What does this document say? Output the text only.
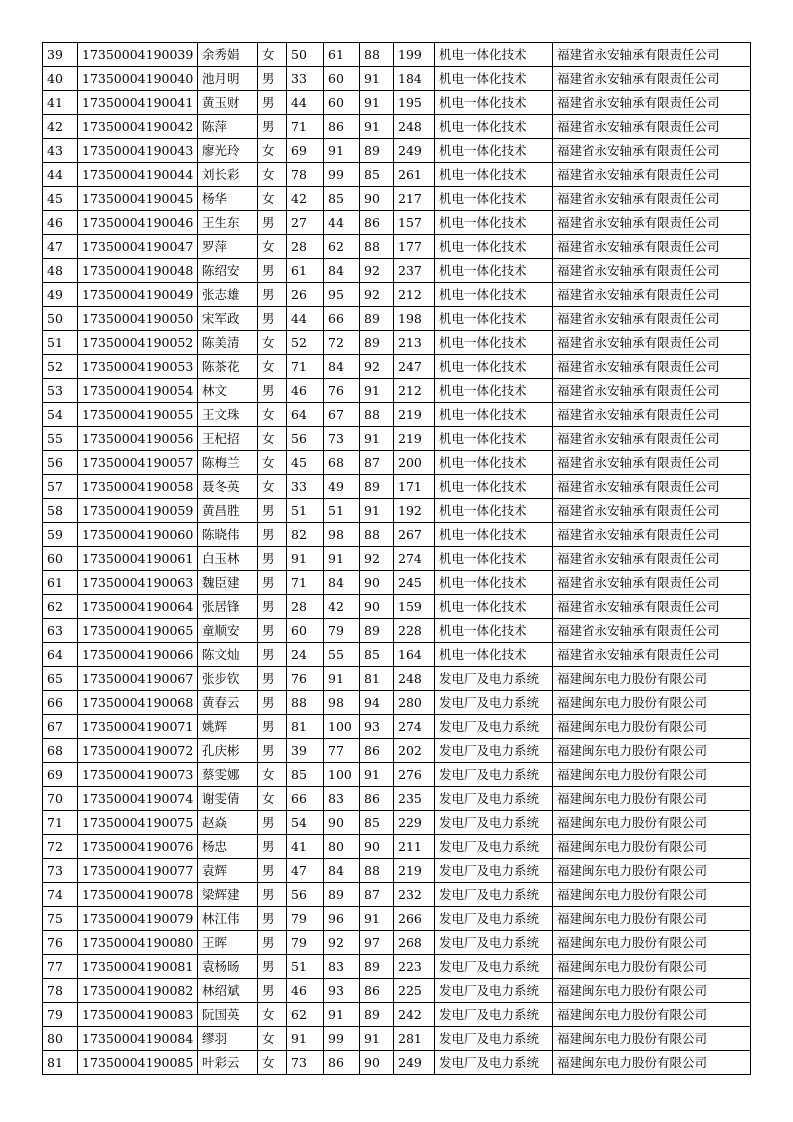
39	17350004190039	余秀娟	女	50	61	88	199	机电一体化技术	福建省永安轴承有限责任公司
40	17350004190040	池月明	男	33	60	91	184	机电一体化技术	福建省永安轴承有限责任公司
41	17350004190041	黄玉财	男	44	60	91	195	机电一体化技术	福建省永安轴承有限责任公司
42	17350004190042	陈萍	男	71	86	91	248	机电一体化技术	福建省永安轴承有限责任公司
43	17350004190043	廖光玲	女	69	91	89	249	机电一体化技术	福建省永安轴承有限责任公司
44	17350004190044	刘长彩	女	78	99	85	261	机电一体化技术	福建省永安轴承有限责任公司
45	17350004190045	杨华	女	42	85	90	217	机电一体化技术	福建省永安轴承有限责任公司
46	17350004190046	王生东	男	27	44	86	157	机电一体化技术	福建省永安轴承有限责任公司
47	17350004190047	罗萍	女	28	62	88	177	机电一体化技术	福建省永安轴承有限责任公司
48	17350004190048	陈绍安	男	61	84	92	237	机电一体化技术	福建省永安轴承有限责任公司
49	17350004190049	张志雄	男	26	95	92	212	机电一体化技术	福建省永安轴承有限责任公司
50	17350004190050	宋军政	男	44	66	89	198	机电一体化技术	福建省永安轴承有限责任公司
51	17350004190052	陈美清	女	52	72	89	213	机电一体化技术	福建省永安轴承有限责任公司
52	17350004190053	陈茶花	女	71	84	92	247	机电一体化技术	福建省永安轴承有限责任公司
53	17350004190054	林文	男	46	76	91	212	机电一体化技术	福建省永安轴承有限责任公司
54	17350004190055	王文珠	女	64	67	88	219	机电一体化技术	福建省永安轴承有限责任公司
55	17350004190056	王杞招	女	56	73	91	219	机电一体化技术	福建省永安轴承有限责任公司
56	17350004190057	陈梅兰	女	45	68	87	200	机电一体化技术	福建省永安轴承有限责任公司
57	17350004190058	聂冬英	女	33	49	89	171	机电一体化技术	福建省永安轴承有限责任公司
58	17350004190059	黄昌胜	男	51	51	91	192	机电一体化技术	福建省永安轴承有限责任公司
59	17350004190060	陈晓伟	男	82	98	88	267	机电一体化技术	福建省永安轴承有限责任公司
60	17350004190061	白玉林	男	91	91	92	274	机电一体化技术	福建省永安轴承有限责任公司
61	17350004190063	魏臣建	男	71	84	90	245	机电一体化技术	福建省永安轴承有限责任公司
62	17350004190064	张居锋	男	28	42	90	159	机电一体化技术	福建省永安轴承有限责任公司
63	17350004190065	童顺安	男	60	79	89	228	机电一体化技术	福建省永安轴承有限责任公司
64	17350004190066	陈文灿	男	24	55	85	164	机电一体化技术	福建省永安轴承有限责任公司
65	17350004190067	张步钦	男	76	91	81	248	发电厂及电力系统	福建闽东电力股份有限公司
66	17350004190068	黄春云	男	88	98	94	280	发电厂及电力系统	福建闽东电力股份有限公司
67	17350004190071	姚辉	男	81	100	93	274	发电厂及电力系统	福建闽东电力股份有限公司
68	17350004190072	孔庆彬	男	39	77	86	202	发电厂及电力系统	福建闽东电力股份有限公司
69	17350004190073	蔡雯娜	女	85	100	91	276	发电厂及电力系统	福建闽东电力股份有限公司
70	17350004190074	谢雯倩	女	66	83	86	235	发电厂及电力系统	福建闽东电力股份有限公司
71	17350004190075	赵焱	男	54	90	85	229	发电厂及电力系统	福建闽东电力股份有限公司
72	17350004190076	杨忠	男	41	80	90	211	发电厂及电力系统	福建闽东电力股份有限公司
73	17350004190077	袁辉	男	47	84	88	219	发电厂及电力系统	福建闽东电力股份有限公司
74	17350004190078	梁辉建	男	56	89	87	232	发电厂及电力系统	福建闽东电力股份有限公司
75	17350004190079	林江伟	男	79	96	91	266	发电厂及电力系统	福建闽东电力股份有限公司
76	17350004190080	王晖	男	79	92	97	268	发电厂及电力系统	福建闽东电力股份有限公司
77	17350004190081	袁杨旸	男	51	83	89	223	发电厂及电力系统	福建闽东电力股份有限公司
78	17350004190082	林绍斌	男	46	93	86	225	发电厂及电力系统	福建闽东电力股份有限公司
79	17350004190083	阮国英	女	62	91	89	242	发电厂及电力系统	福建闽东电力股份有限公司
80	17350004190084	缪羽	女	91	99	91	281	发电厂及电力系统	福建闽东电力股份有限公司
81	17350004190085	叶彩云	女	73	86	90	249	发电厂及电力系统	福建闽东电力股份有限公司
